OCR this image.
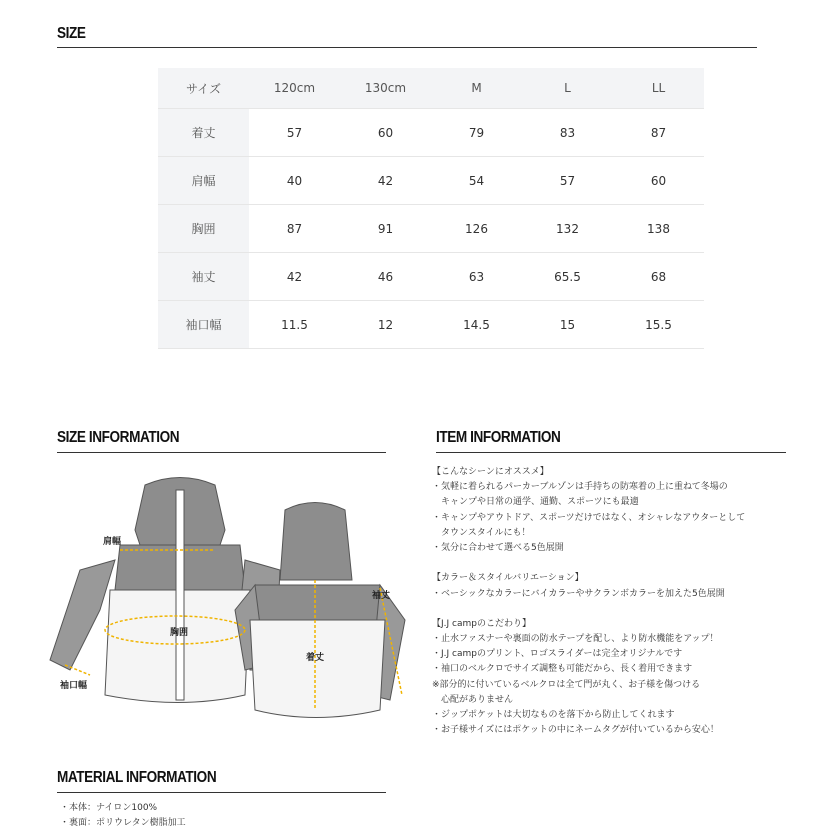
SIZE
サイズ	120cm	130cm	M	L	LL
着丈	57	60	79	83	87
肩幅	40	42	54	57	60
胸囲	87	91	126	132	138
袖丈	42	46	63	65.5	68
袖口幅	11.5	12	14.5	15	15.5
SIZE INFORMATION	ITEM INFORMATION
肩幅
胸囲
袖口幅
着丈
袖丈
【こんなシーンにオススメ】
・気軽に着られるパーカーブルゾンは手持ちの防寒着の上に重ねて冬場の
　キャンプや日常の通学、通勤、スポーツにも最適
・キャンプやアウトドア、スポーツだけではなく、オシャレなアウターとして
　タウンスタイルにも！
・気分に合わせて選べる5色展開
【カラー＆スタイルバリエーション】
・ベーシックなカラーにバイカラーやサクランボカラーを加えた5色展開
【J.J campのこだわり】
・止水ファスナーや裏面の防水テープを配し、より防水機能をアップ！
・J.J campのプリント、ロゴスライダーは完全オリジナルです
・袖口のベルクロでサイズ調整も可能だから、長く着用できます
※部分的に付いているベルクロは全て門が丸く、お子様を傷つける
　心配がありません
・ジップポケットは大切なものを落下から防止してくれます
・お子様サイズにはポケットの中にネームタグが付いているから安心！
MATERIAL INFORMATION
・本体：ナイロン100%
・裏面：ポリウレタン樹脂加工
